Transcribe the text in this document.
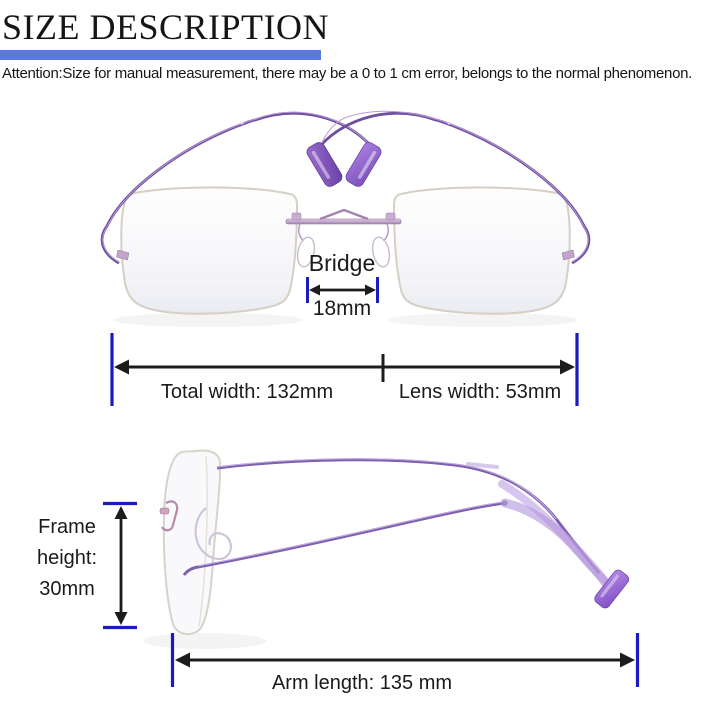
SIZE DESCRIPTION
Attention:Size for manual measurement, there may be a 0 to 1 cm error, belongs to the normal phenomenon.
Bridge
18mm
Total width: 132mm	Lens width: 53mm
Frame
height:
30mm
Arm length: 135 mm
